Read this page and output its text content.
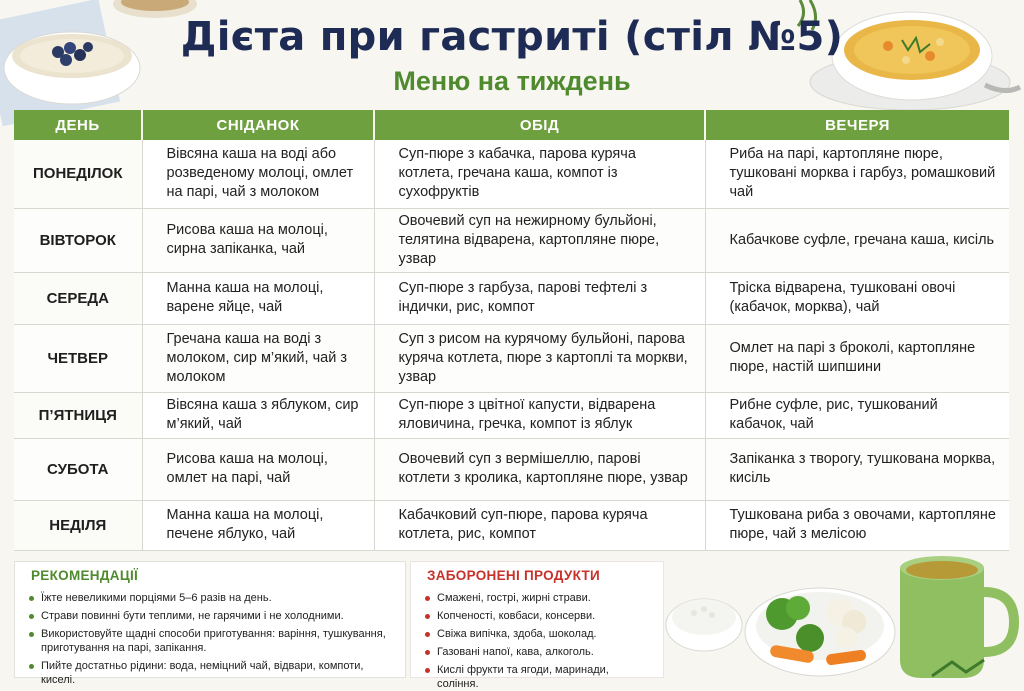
Дієта при гастриті (стіл №5)
Меню на тиждень
ДЕНЬ	СНІДАНОК	ОБІД	ВЕЧЕРЯ
ПОНЕДІЛОК	Вівсяна каша на воді або розведеному молоці, омлет на парі, чай з молоком	Суп-пюре з кабачка, парова куряча котлета, гречана каша, компот із сухофруктів	Риба на парі, картопляне пюре, тушковані морква і гарбуз, ромашковий чай
ВІВТОРОК	Рисова каша на молоці, сирна запіканка, чай	Овочевий суп на нежирному бульйоні, телятина відварена, картопляне пюре, узвар	Кабачкове суфле, гречана каша, кисіль
СЕРЕДА	Манна каша на молоці, варене яйце, чай	Суп-пюре з гарбуза, парові тефтелі з індички, рис, компот	Тріска відварена, тушковані овочі (кабачок, морква), чай
ЧЕТВЕР	Гречана каша на воді з молоком, сир м’який, чай з молоком	Суп з рисом на курячому бульйоні, парова куряча котлета, пюре з картоплі та моркви, узвар	Омлет на парі з броколі, картопляне пюре, настій шипшини
П’ЯТНИЦЯ	Вівсяна каша з яблуком, сир м’який, чай	Суп-пюре з цвітної капусти, відварена яловичина, гречка, компот із яблук	Рибне суфле, рис, тушкований кабачок, чай
СУБОТА	Рисова каша на молоці, омлет на парі, чай	Овочевий суп з вермішеллю, парові котлети з кролика, картопляне пюре, узвар	Запіканка з творогу, тушкована морква, кисіль
НЕДІЛЯ	Манна каша на молоці, печене яблуко, чай	Кабачковий суп-пюре, парова куряча котлета, рис, компот	Тушкована риба з овочами, картопляне пюре, чай з мелісою
РЕКОМЕНДАЦІЇ
Їжте невеликими порціями 5–6 разів на день.
Страви повинні бути теплими, не гарячими і не холодними.
Використовуйте щадні способи приготування: варіння, тушкування, приготування на парі, запікання.
Пийте достатньо рідини: вода, неміцний чай, відвари, компоти, киселі.
ЗАБОРОНЕНІ ПРОДУКТИ
Смажені, гострі, жирні страви.
Копченості, ковбаси, консерви.
Свіжа випічка, здоба, шоколад.
Газовані напої, кава, алкоголь.
Кислі фрукти та ягоди, маринади, соління.
